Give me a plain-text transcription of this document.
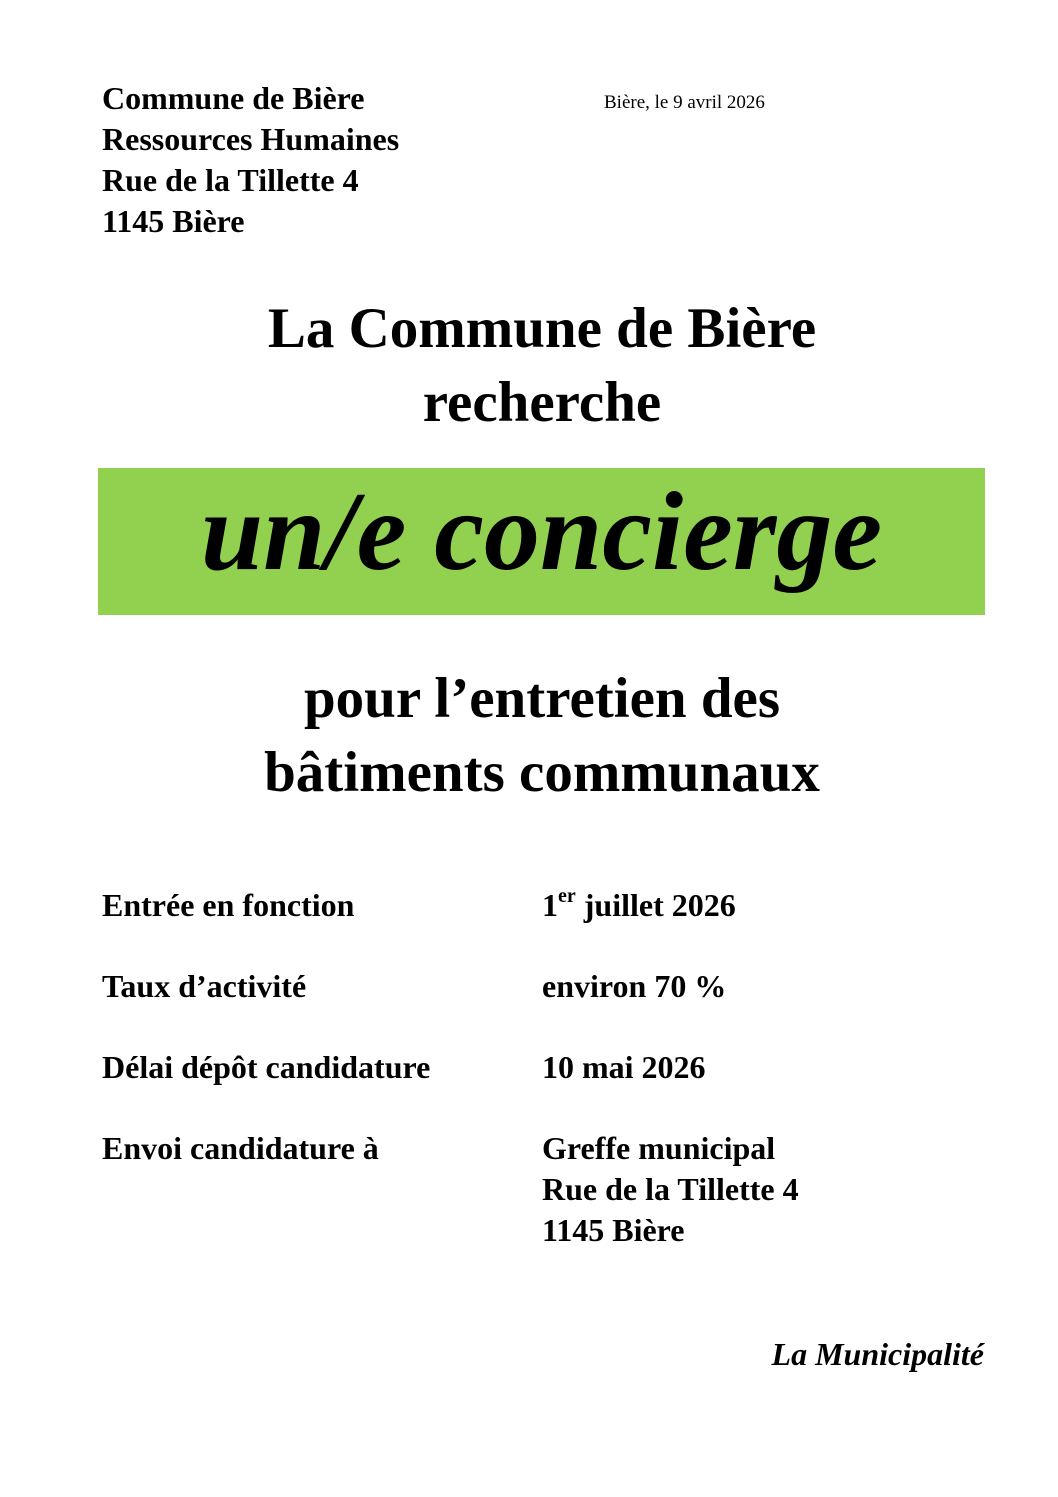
Commune de Bière
Ressources Humaines
Rue de la Tillette 4
1145 Bière
Bière, le 9 avril 2026
La Commune de Bière
recherche
un/e concierge
pour l’entretien des
bâtiments communaux
Entrée en fonction	1er juillet 2026
Taux d’activité	environ 70 %
Délai dépôt candidature	10 mai 2026
Envoi candidature à	Greffe municipal
Rue de la Tillette 4
1145 Bière
La Municipalité
